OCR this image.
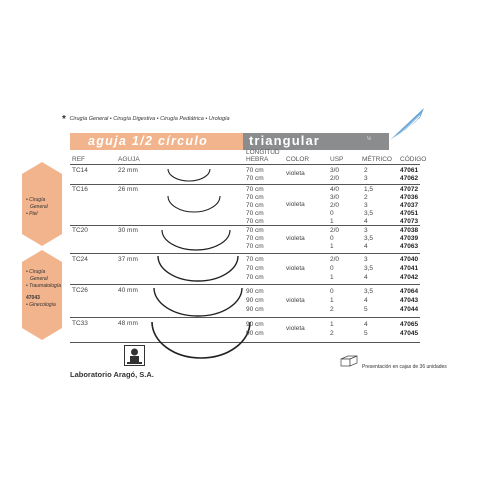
* Cirugía General • Cirugía Digestiva • Cirugía Pediátrica • Urología
aguja 1/2 círculo	triangular	½
REF	AGUJA
LONGITUD
HEBRA	COLOR	USP	MÉTRICO CÓDIGO
TC14	22 mm	violeta
70 cm	3/0	2	47061
70 cm	2/0	3	47062
TC16	26 mm
violeta
70 cm	4/0	1,5	47072
70 cm	3/0	2	47036
70 cm	2/0	3	47037
70 cm	0	3,5	47051
70 cm	1	4	47073
TC20	30 mm
violeta
70 cm	2/0	3	47038
70 cm	0	3,5	47039
70 cm	1	4	47063
TC24	37 mm
violeta
70 cm	2/0	3	47040
70 cm	0	3,5	47041
70 cm	1	4	47042
TC26	40 mm
violeta
90 cm	0	3,5	47064
90 cm	1	4	47043
90 cm	2	5	47044
TC33	48 mm
violeta
90 cm	1	4	47065
90 cm	2	5	47045
• Cirugía
General
• Piel
• Cirugía
General
• Traumatología
47043
• Ginecología
Laboratorio Aragó, S.A.
Presentación en cajas de 36 unidades
